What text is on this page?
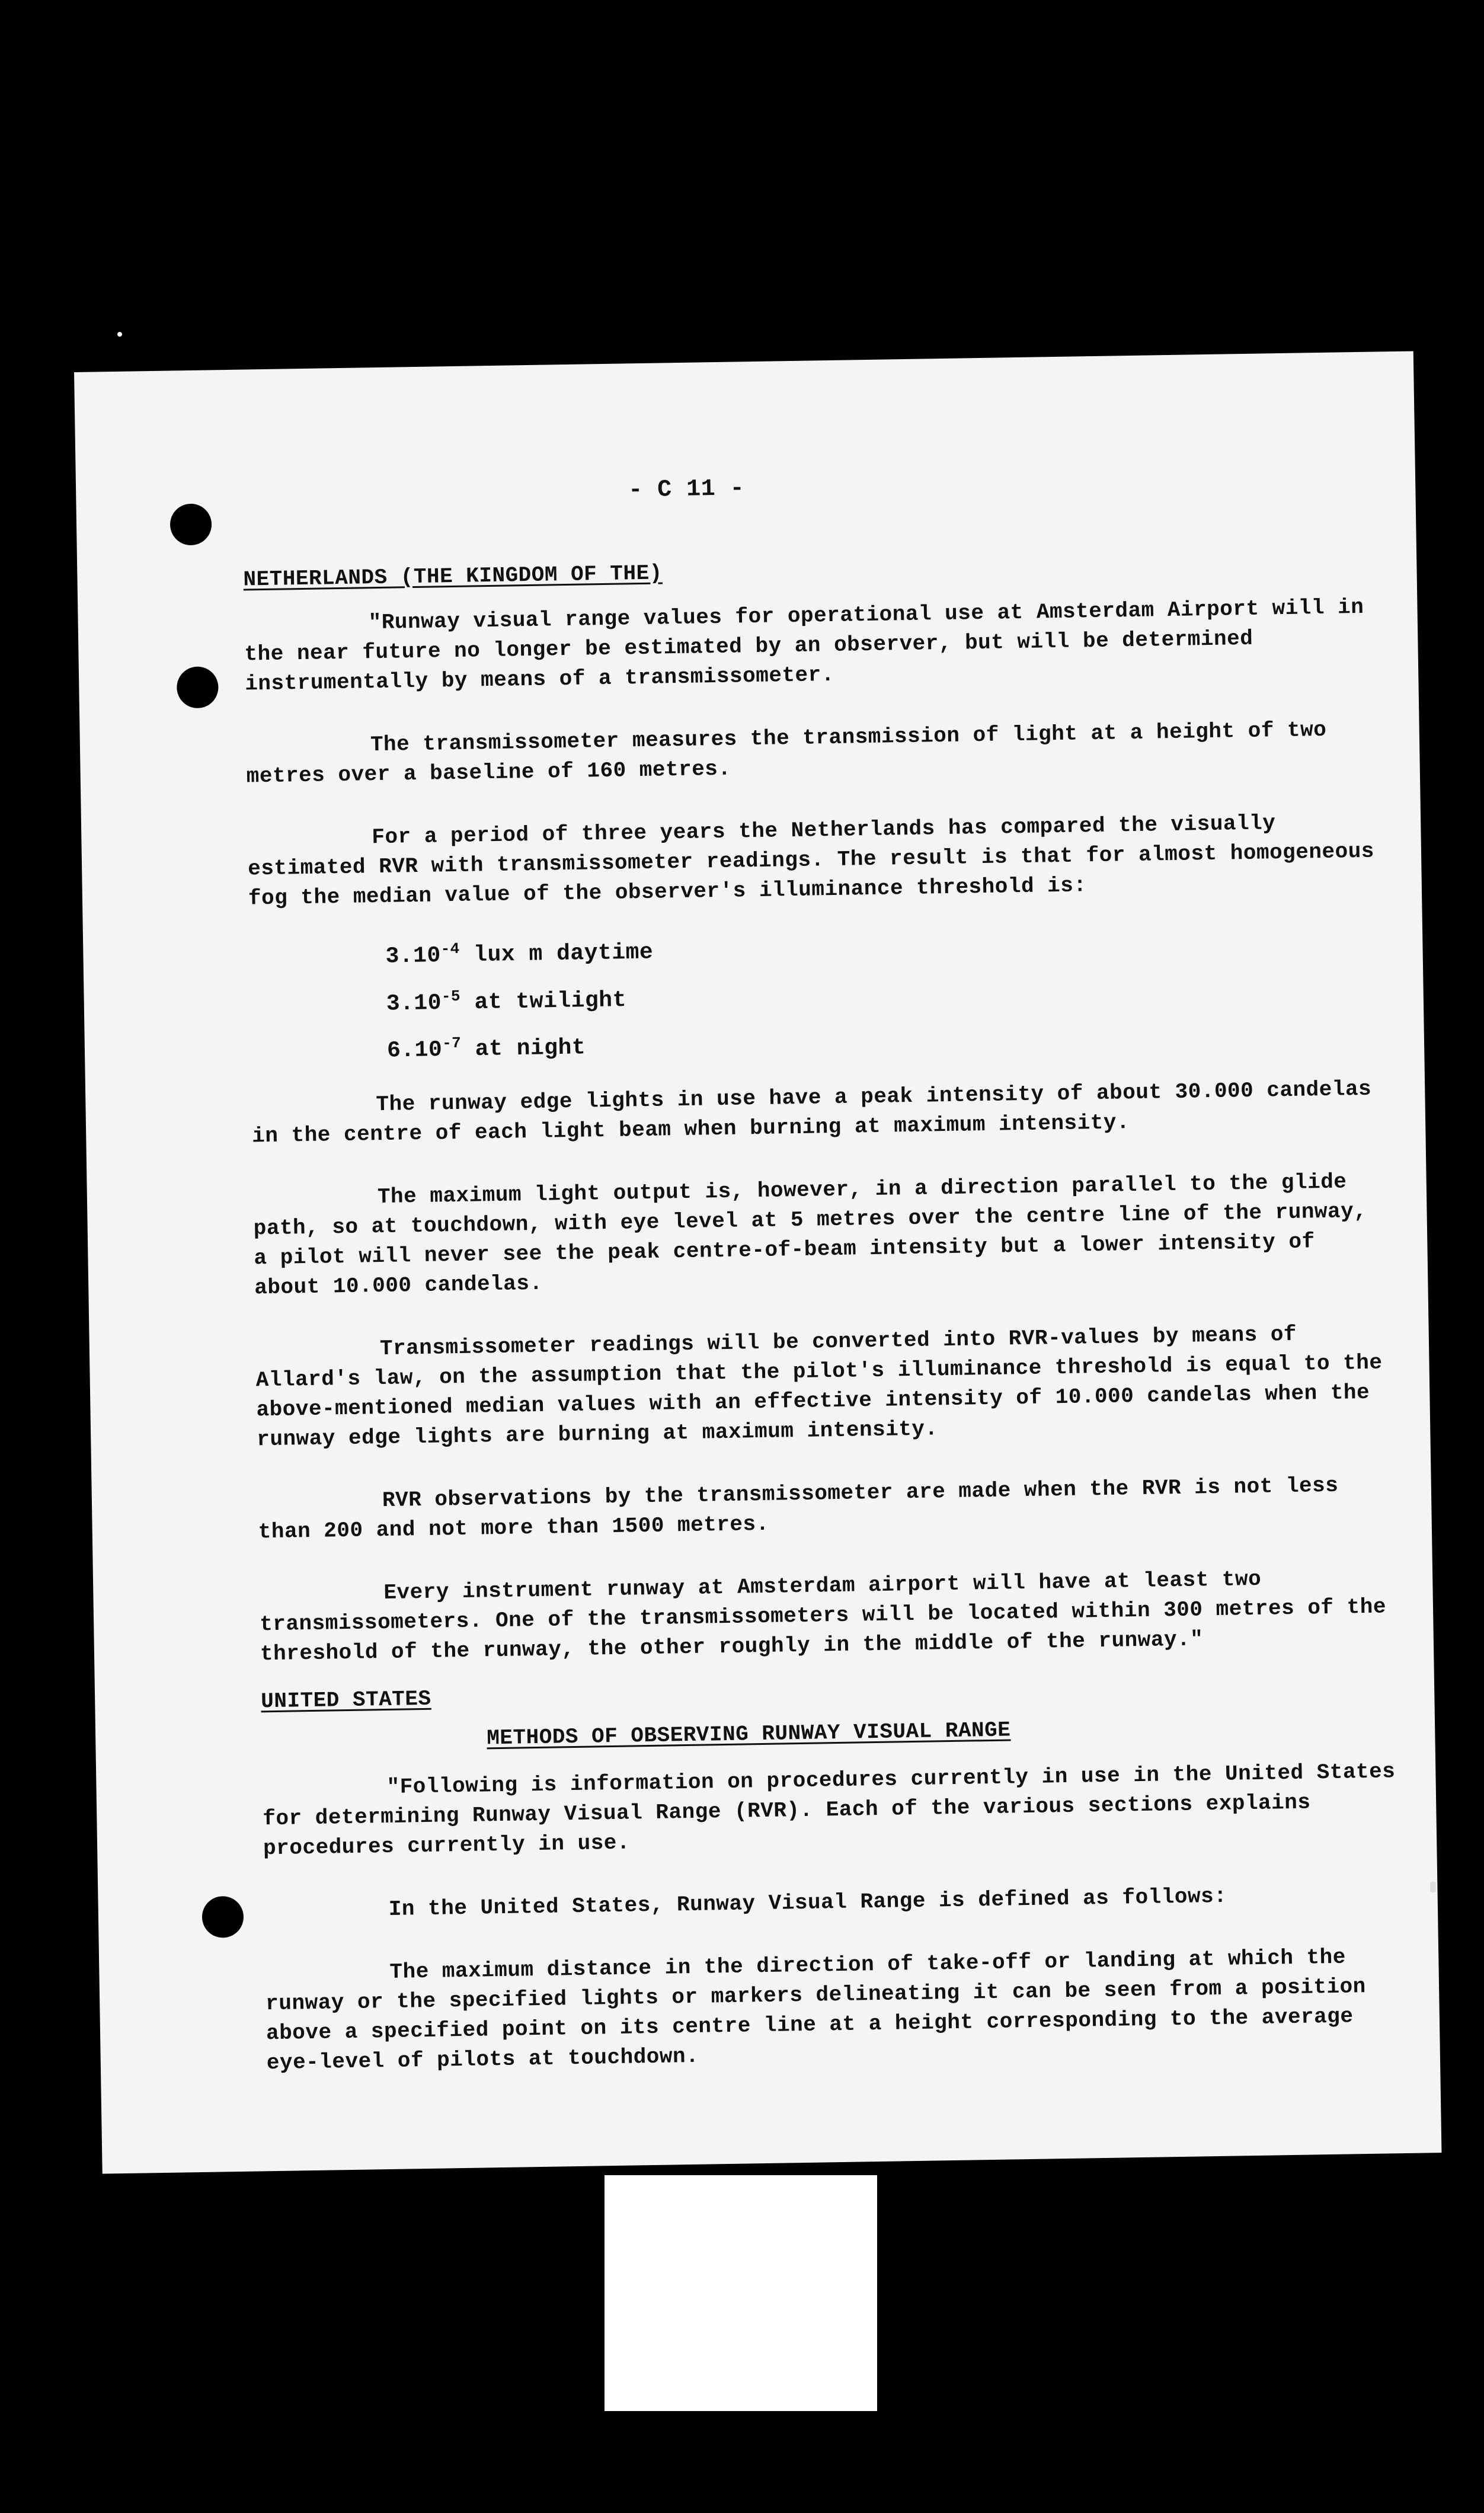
- C 11 -
NETHERLANDS (THE KINGDOM OF THE)

"Runway visual range values for operational use at Amsterdam Airport will in the near future no longer be estimated by an observer, but will be determined instrumentally by means of a transmissometer.

The transmissometer measures the transmission of light at a height of two metres over a baseline of 160 metres.

For a period of three years the Netherlands has compared the visually estimated RVR with transmissometer readings. The result is that for almost homogeneous fog the median value of the observer's illuminance threshold is:

$3.10^{-4}$ lux m daytime
$3.10^{-5}$ at twilight
$6.10^{-7}$ at night

The runway edge lights in use have a peak intensity of about 30.000 candelas in the centre of each light beam when burning at maximum intensity.

The maximum light output is, however, in a direction parallel to the glide path, so at touchdown, with eye level at 5 metres over the centre line of the runway, a pilot will never see the peak centre-of-beam intensity but a lower intensity of about 10.000 candelas.

Transmissometer readings will be converted into RVR-values by means of Allard's law, on the assumption that the pilot's illuminance threshold is equal to the above-mentioned median values with an effective intensity of 10.000 candelas when the runway edge lights are burning at maximum intensity.

RVR observations by the transmissometer are made when the RVR is not less than 200 and not more than 1500 metres.

Every instrument runway at Amsterdam airport will have at least two transmissometers. One of the transmissometers will be located within 300 metres of the threshold of the runway, the other roughly in the middle of the runway."

UNITED STATES
METHODS OF OBSERVING RUNWAY VISUAL RANGE

"Following is information on procedures currently in use in the United States for determining Runway Visual Range (RVR). Each of the various sections explains procedures currently in use.

In the United States, Runway Visual Range is defined as follows:

The maximum distance in the direction of take-off or landing at which the runway or the specified lights or markers delineating it can be seen from a position above a specified point on its centre line at a height corresponding to the average eye-level of pilots at touchdown.
